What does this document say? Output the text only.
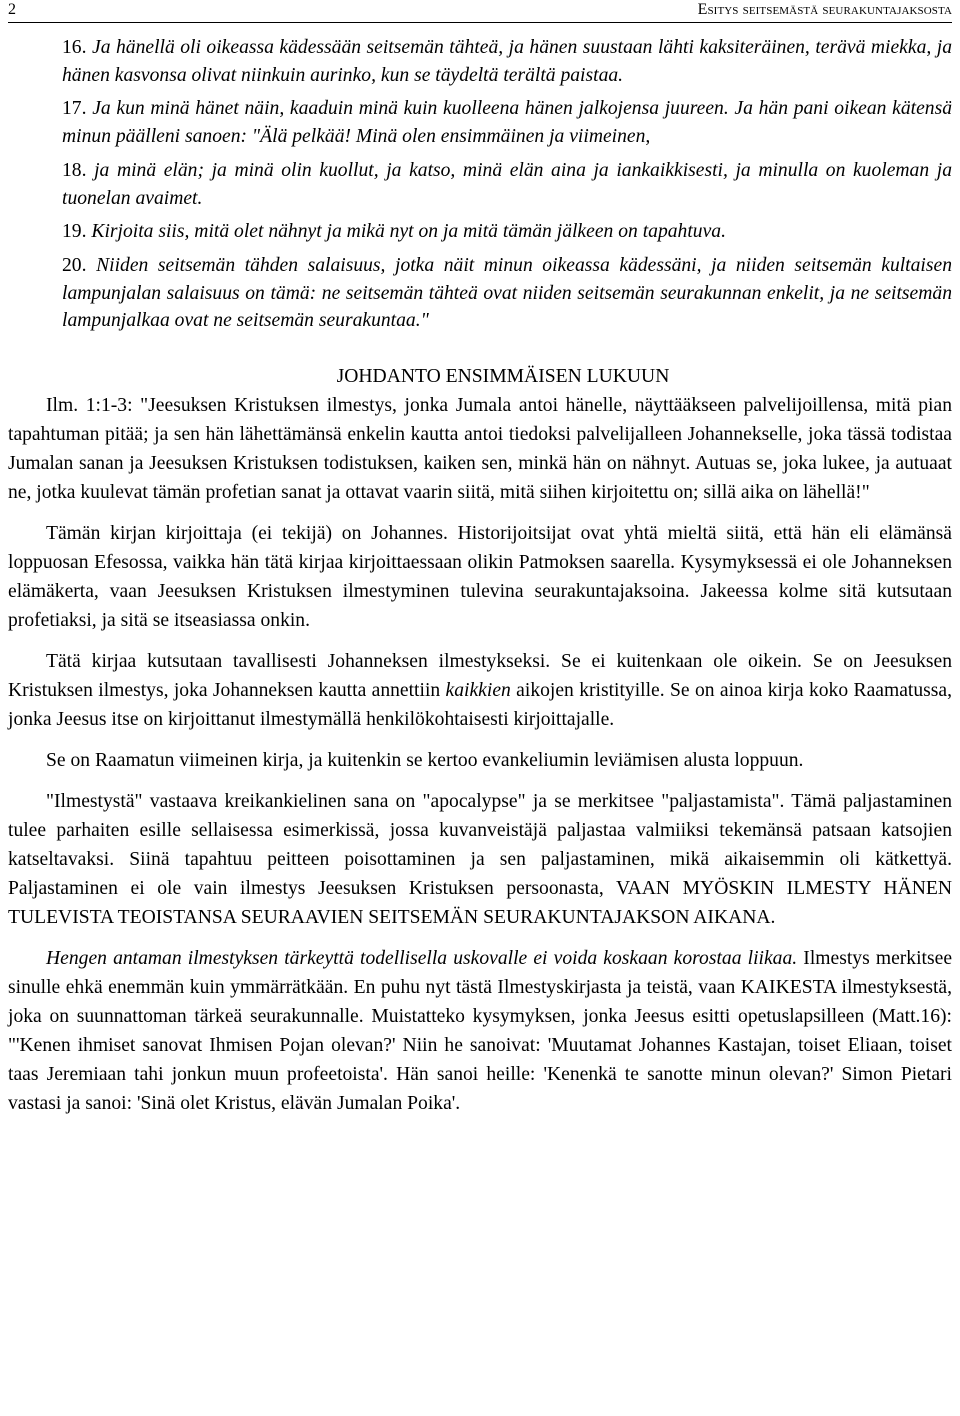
2	Esitys seitsemästä seurakuntajaksosta

16. Ja hänellä oli oikeassa kädessään seitsemän tähteä, ja hänen suustaan lähti kaksiteräinen, terävä miekka, ja hänen kasvonsa olivat niinkuin aurinko, kun se täydeltä terältä paistaa.

17. Ja kun minä hänet näin, kaaduin minä kuin kuolleena hänen jalkojensa juureen. Ja hän pani oikean kätensä minun päälleni sanoen: "Älä pelkää! Minä olen ensimmäinen ja viimeinen,

18. ja minä elän; ja minä olin kuollut, ja katso, minä elän aina ja iankaikkisesti, ja minulla on kuoleman ja tuonelan avaimet.

19. Kirjoita siis, mitä olet nähnyt ja mikä nyt on ja mitä tämän jälkeen on tapahtuva.

20. Niiden seitsemän tähden salaisuus, jotka näit minun oikeassa kädessäni, ja niiden seitsemän kultaisen lampunjalan salaisuus on tämä: ne seitsemän tähteä ovat niiden seitsemän seurakunnan enkelit, ja ne seitsemän lampunjalkaa ovat ne seitsemän seurakuntaa."

JOHDANTO ENSIMMÄISEN LUKUUN

Ilm. 1:1-3: "Jeesuksen Kristuksen ilmestys, jonka Jumala antoi hänelle, näyttääkseen palvelijoillensa, mitä pian tapahtuman pitää; ja sen hän lähettämänsä enkelin kautta antoi tiedoksi palvelijalleen Johannekselle, joka tässä todistaa Jumalan sanan ja Jeesuksen Kristuksen todistuksen, kaiken sen, minkä hän on nähnyt. Autuas se, joka lukee, ja autuaat ne, jotka kuulevat tämän profetian sanat ja ottavat vaarin siitä, mitä siihen kirjoitettu on; sillä aika on lähellä!"

Tämän kirjan kirjoittaja (ei tekijä) on Johannes. Historijoitsijat ovat yhtä mieltä siitä, että hän eli elämänsä loppuosan Efesossa, vaikka hän tätä kirjaa kirjoittaessaan olikin Patmoksen saarella. Kysymyksessä ei ole Johanneksen elämäkerta, vaan Jeesuksen Kristuksen ilmestyminen tulevina seurakuntajaksoina. Jakeessa kolme sitä kutsutaan profetiaksi, ja sitä se itseasiassa onkin.

Tätä kirjaa kutsutaan tavallisesti Johanneksen ilmestykseksi. Se ei kuitenkaan ole oikein. Se on Jeesuksen Kristuksen ilmestys, joka Johanneksen kautta annettiin kaikkien aikojen kristityille. Se on ainoa kirja koko Raamatussa, jonka Jeesus itse on kirjoittanut ilmestymällä henkilökohtaisesti kirjoittajalle.

Se on Raamatun viimeinen kirja, ja kuitenkin se kertoo evankeliumin leviämisen alusta loppuun.

"Ilmestystä" vastaava kreikankielinen sana on "apocalypse" ja se merkitsee "paljastamista". Tämä paljastaminen tulee parhaiten esille sellaisessa esimerkissä, jossa kuvanveistäjä paljastaa valmiiksi tekemänsä patsaan katsojien katseltavaksi. Siinä tapahtuu peitteen poisottaminen ja sen paljastaminen, mikä aikaisemmin oli kätkettyä. Paljastaminen ei ole vain ilmestys Jeesuksen Kristuksen persoonasta, VAAN MYÖSKIN ILMESTY HÄNEN TULEVISTA TEOISTANSA SEURAAVIEN SEITSEMÄN SEURAKUNTAJAKSON AIKANA.

Hengen antaman ilmestyksen tärkeyttä todellisella uskovalle ei voida koskaan korostaa liikaa. Ilmestys merkitsee sinulle ehkä enemmän kuin ymmärrätkään. En puhu nyt tästä Ilmestyskirjasta ja teistä, vaan KAIKESTA ilmestyksestä, joka on suunnattoman tärkeä seurakunnalle. Muistatteko kysymyksen, jonka Jeesus esitti opetuslapsilleen (Matt.16): "'Kenen ihmiset sanovat Ihmisen Pojan olevan?' Niin he sanoivat: 'Muutamat Johannes Kastajan, toiset Eliaan, toiset taas Jeremiaan tahi jonkun muun profeetoista'. Hän sanoi heille: 'Kenenkä te sanotte minun olevan?' Simon Pietari vastasi ja sanoi: 'Sinä olet Kristus, elävän Jumalan Poika'.
